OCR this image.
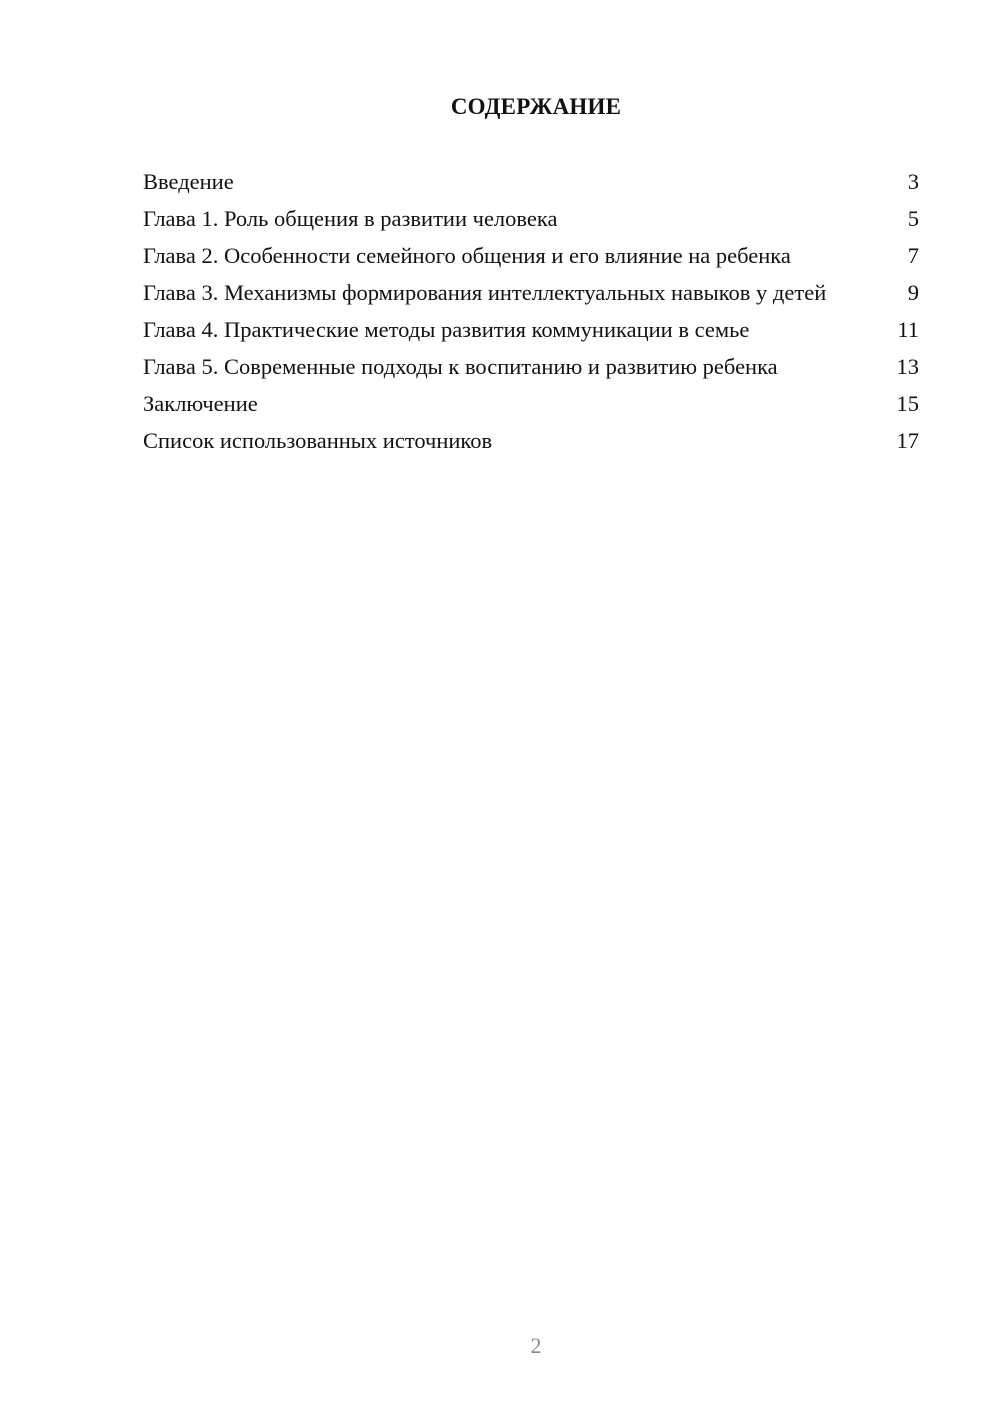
СОДЕРЖАНИЕ
Введение	3
Глава 1. Роль общения в развитии человека	5
Глава 2. Особенности семейного общения и его влияние на ребенка	7
Глава 3. Механизмы формирования интеллектуальных навыков у детей	9
Глава 4. Практические методы развития коммуникации в семье	11
Глава 5. Современные подходы к воспитанию и развитию ребенка	13
Заключение	15
Список использованных источников	17
2
